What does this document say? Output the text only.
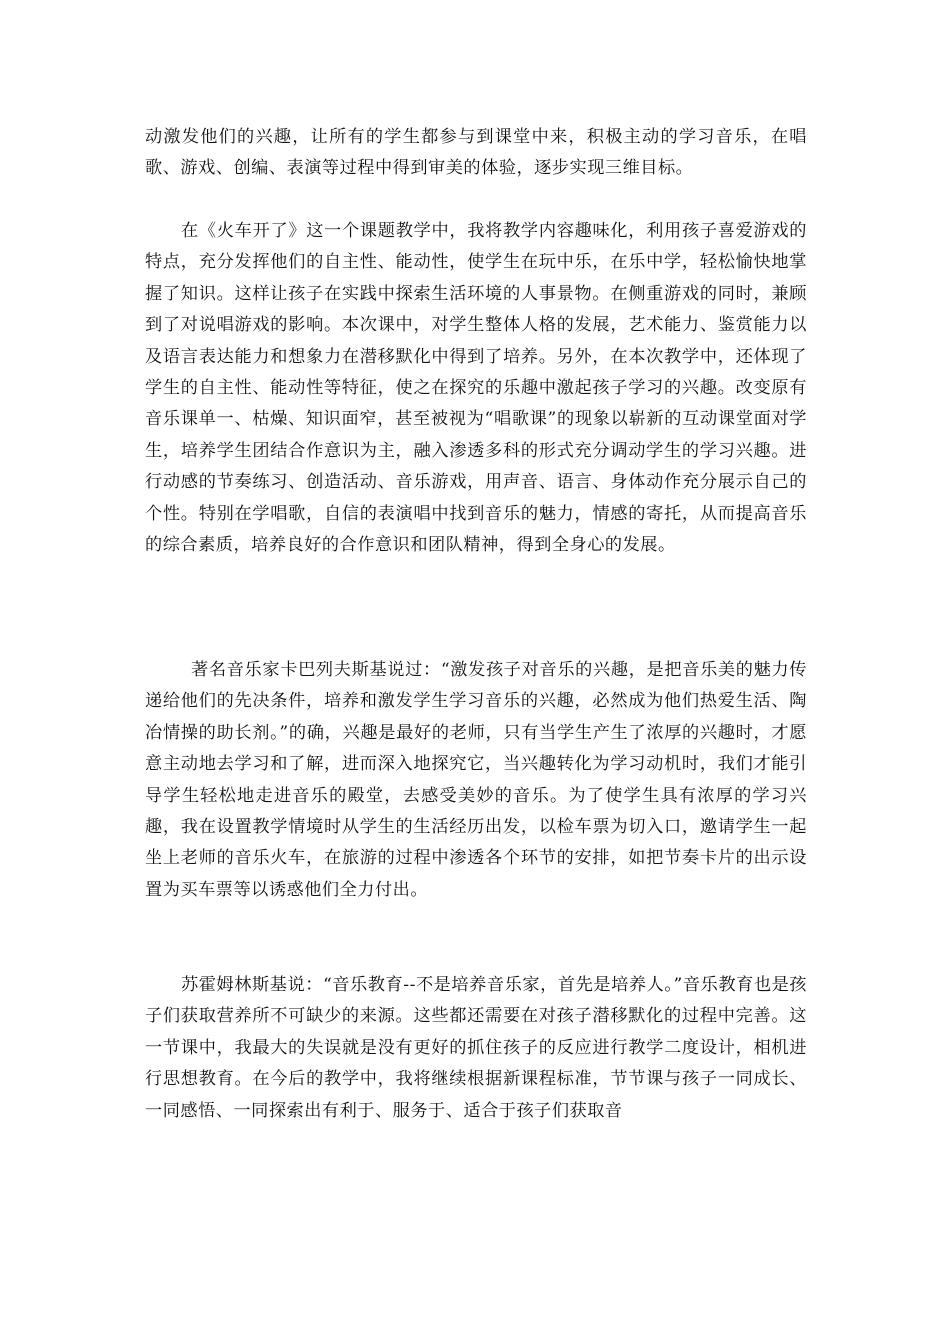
动激发他们的兴趣，让所有的学生都参与到课堂中来，积极主动的学习音乐，在唱歌、游戏、创编、表演等过程中得到审美的体验，逐步实现三维目标。

在《火车开了》这一个课题教学中，我将教学内容趣味化，利用孩子喜爱游戏的特点，充分发挥他们的自主性、能动性，使学生在玩中乐，在乐中学，轻松愉快地掌握了知识。这样让孩子在实践中探索生活环境的人事景物。在侧重游戏的同时，兼顾到了对说唱游戏的影响。本次课中，对学生整体人格的发展，艺术能力、鉴赏能力以及语言表达能力和想象力在潜移默化中得到了培养。另外，在本次教学中，还体现了学生的自主性、能动性等特征，使之在探究的乐趣中激起孩子学习的兴趣。改变原有音乐课单一、枯燥、知识面窄，甚至被视为“唱歌课”的现象以崭新的互动课堂面对学生，培养学生团结合作意识为主，融入渗透多科的形式充分调动学生的学习兴趣。进行动感的节奏练习、创造活动、音乐游戏，用声音、语言、身体动作充分展示自己的个性。特别在学唱歌，自信的表演唱中找到音乐的魅力，情感的寄托，从而提高音乐的综合素质，培养良好的合作意识和团队精神，得到全身心的发展。

著名音乐家卡巴列夫斯基说过：“激发孩子对音乐的兴趣，是把音乐美的魅力传递给他们的先决条件，培养和激发学生学习音乐的兴趣，必然成为他们热爱生活、陶冶情操的助长剂。”的确，兴趣是最好的老师，只有当学生产生了浓厚的兴趣时，才愿意主动地去学习和了解，进而深入地探究它，当兴趣转化为学习动机时，我们才能引导学生轻松地走进音乐的殿堂，去感受美妙的音乐。为了使学生具有浓厚的学习兴趣，我在设置教学情境时从学生的生活经历出发，以检车票为切入口，邀请学生一起坐上老师的音乐火车，在旅游的过程中渗透各个环节的安排，如把节奏卡片的出示设置为买车票等以诱惑他们全力付出。

苏霍姆林斯基说：“音乐教育--不是培养音乐家，首先是培养人。”音乐教育也是孩子们获取营养所不可缺少的来源。这些都还需要在对孩子潜移默化的过程中完善。这一节课中，我最大的失误就是没有更好的抓住孩子的反应进行教学二度设计，相机进行思想教育。在今后的教学中，我将继续根据新课程标准，节节课与孩子一同成长、一同感悟、一同探索出有利于、服务于、适合于孩子们获取音
